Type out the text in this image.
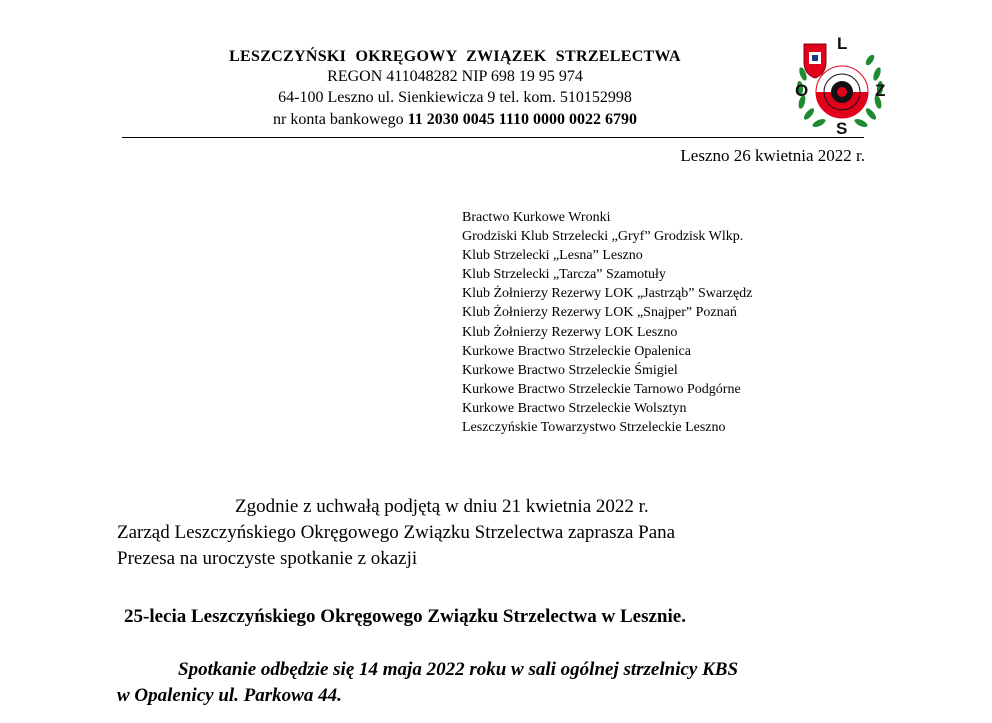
LESZCZYŃSKI OKRĘGOWY ZWIĄZEK STRZELECTWA
REGON 411048282 NIP 698 19 95 974
64-100 Leszno ul. Sienkiewicza 9 tel. kom. 510152998
nr konta bankowego 11 2030 0045 1110 0000 0022 6790
L
O	Z
S
Leszno 26 kwietnia 2022 r.
Bractwo Kurkowe Wronki
Grodziski Klub Strzelecki „Gryf” Grodzisk Wlkp.
Klub Strzelecki „Lesna” Leszno
Klub Strzelecki „Tarcza” Szamotuły
Klub Żołnierzy Rezerwy LOK „Jastrząb” Swarzędz
Klub Żołnierzy Rezerwy LOK „Snajper” Poznań
Klub Żołnierzy Rezerwy LOK Leszno
Kurkowe Bractwo Strzeleckie Opalenica
Kurkowe Bractwo Strzeleckie Śmigiel
Kurkowe Bractwo Strzeleckie Tarnowo Podgórne
Kurkowe Bractwo Strzeleckie Wolsztyn
Leszczyńskie Towarzystwo Strzeleckie Leszno
Zgodnie z uchwałą podjętą w dniu 21 kwietnia 2022 r.
Zarząd Leszczyńskiego Okręgowego Związku Strzelectwa zaprasza Pana
Prezesa na uroczyste spotkanie z okazji
25-lecia Leszczyńskiego Okręgowego Związku Strzelectwa w Lesznie.
Spotkanie odbędzie się 14 maja 2022 roku w sali ogólnej strzelnicy KBS
w Opalenicy ul. Parkowa 44.
